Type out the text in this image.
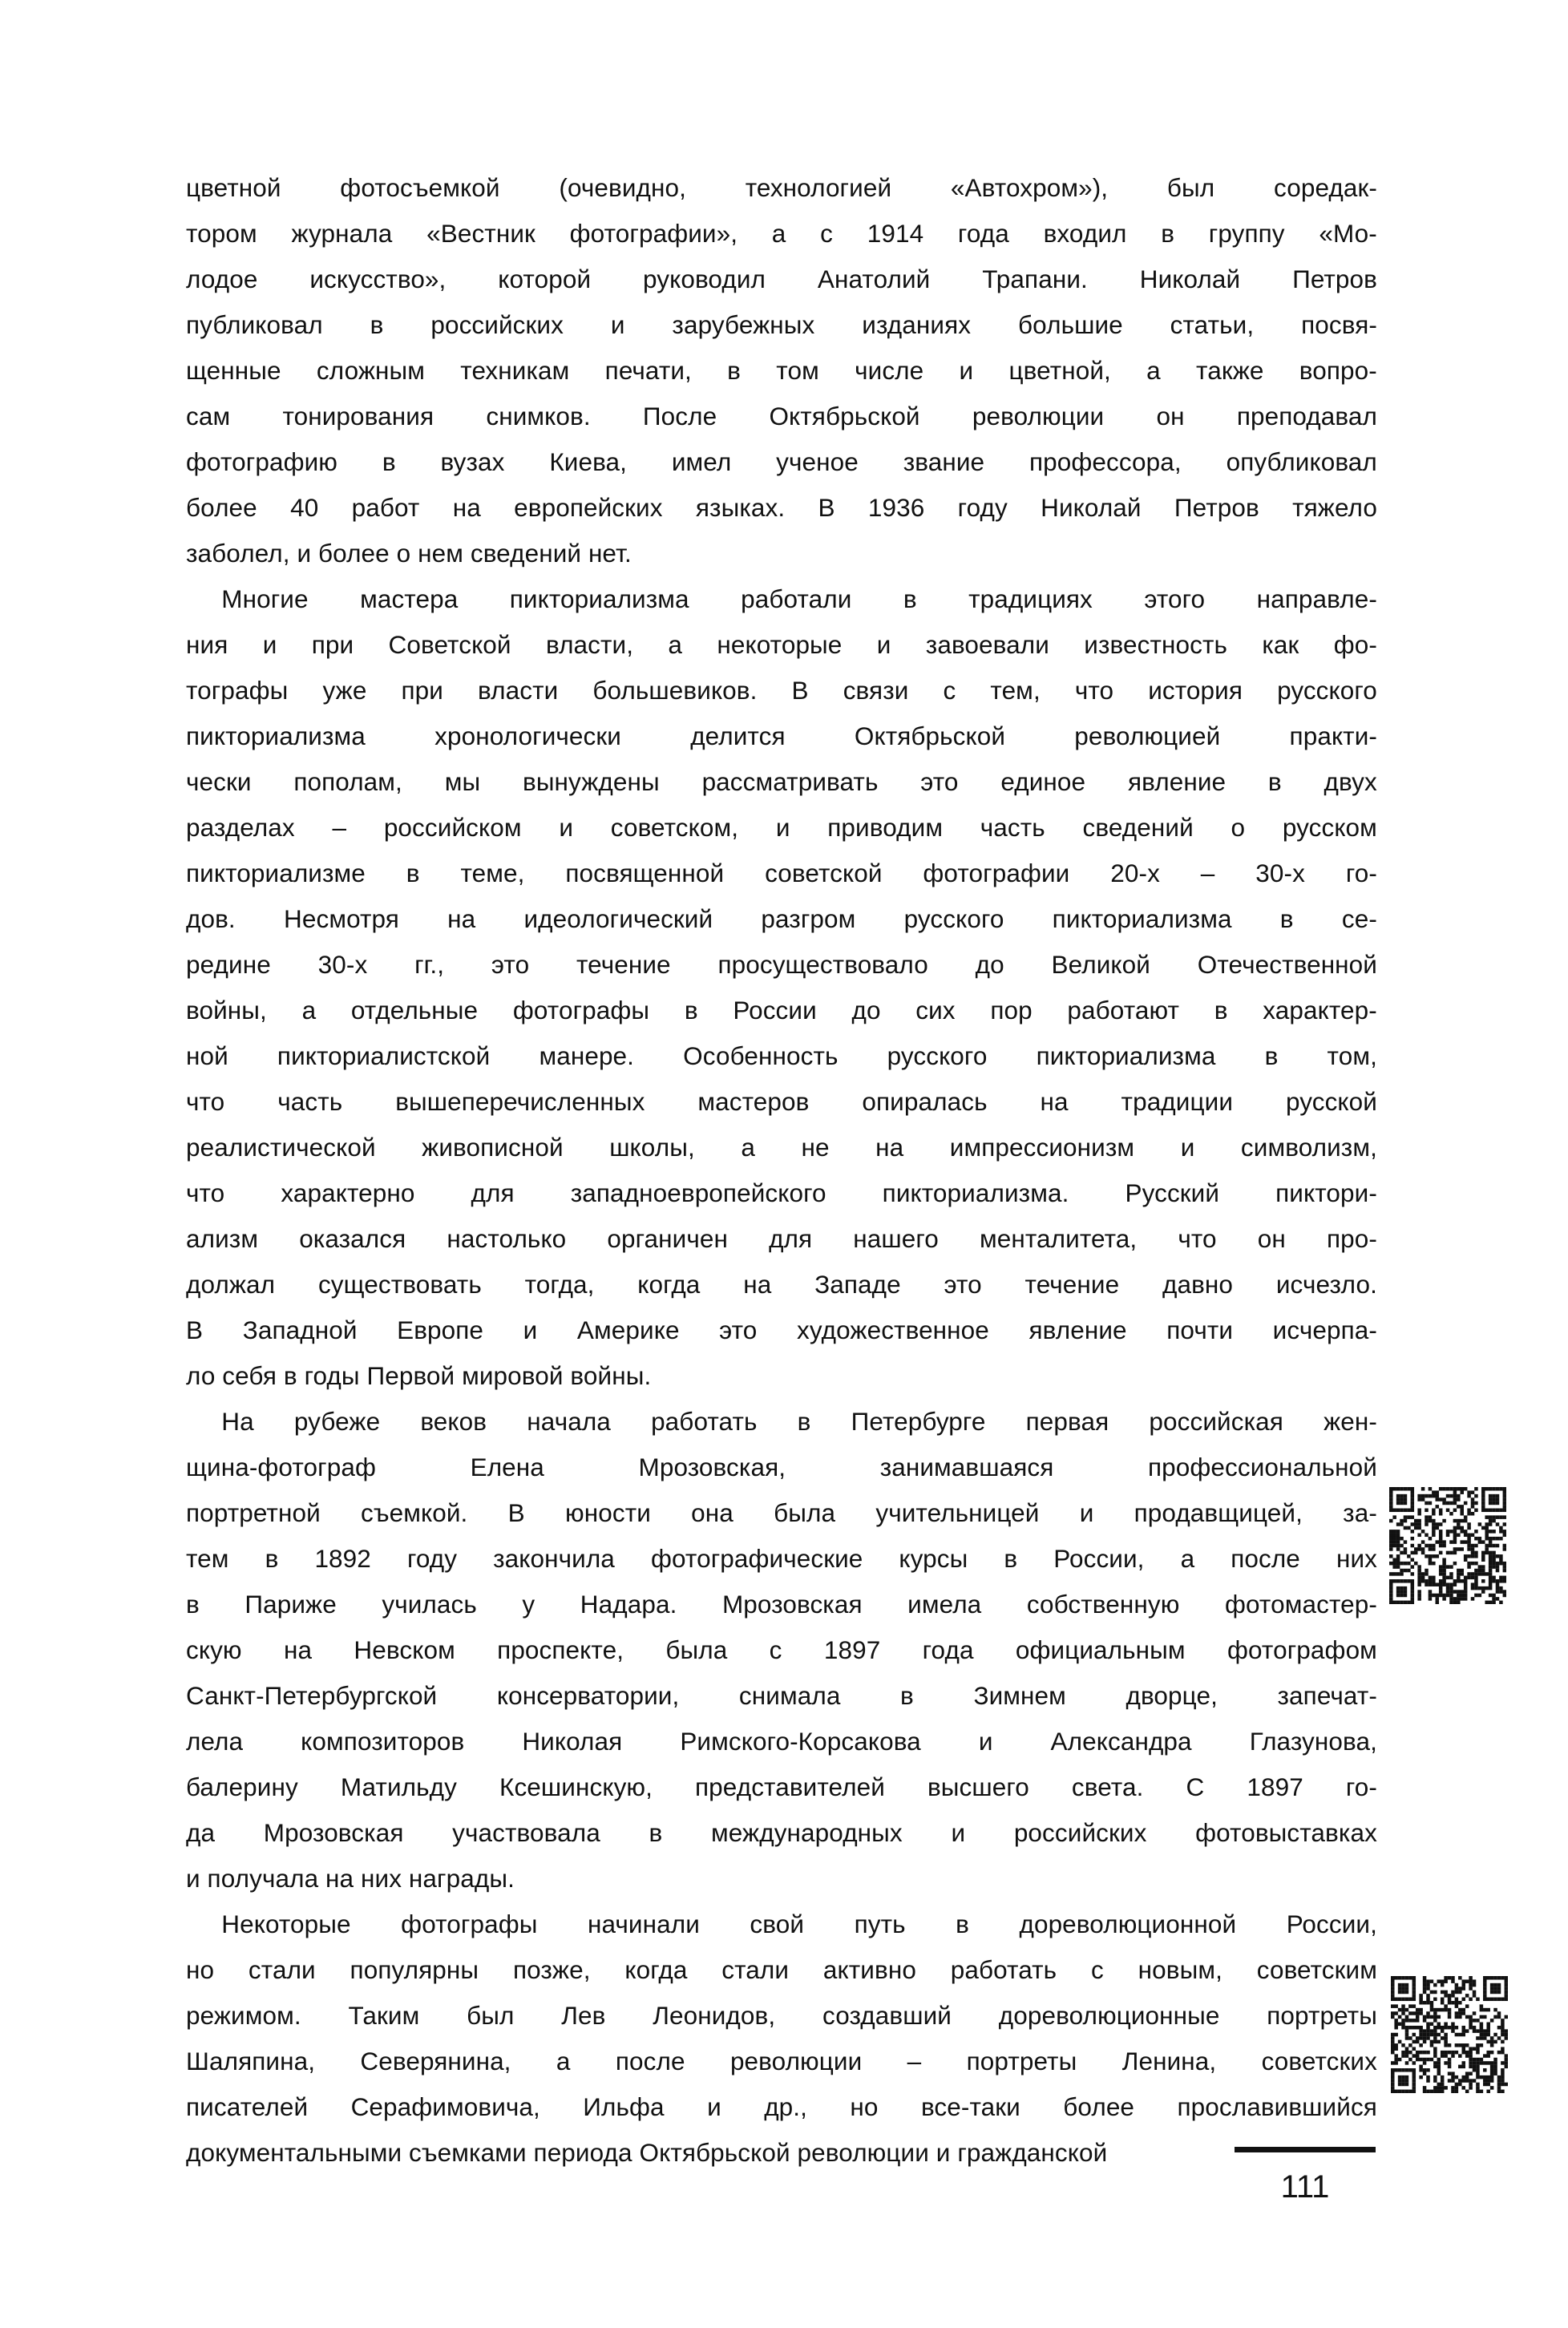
цветной фотосъемкой (очевидно, технологией «Автохром»), был соредак-
тором журнала «Вестник фотографии», а с 1914 года входил в группу «Мо-
лодое искусство», которой руководил Анатолий Трапани. Николай Петров
публиковал в российских и зарубежных изданиях большие статьи, посвя-
щенные сложным техникам печати, в том числе и цветной, а также вопро-
сам тонирования снимков. После Октябрьской революции он преподавал
фотографию в вузах Киева, имел ученое звание профессора, опубликовал
более 40 работ на европейских языках. В 1936 году Николай Петров тяжело
заболел, и более о нем сведений нет.

Многие мастера пикториализма работали в традициях этого направле-
ния и при Советской власти, а некоторые и завоевали известность как фо-
тографы уже при власти большевиков. В связи с тем, что история русского
пикториализма	хронологически	делится	Октябрьской	революцией	практи-
чески пополам, мы вынуждены рассматривать это единое явление в двух
разделах – российском и советском, и приводим часть сведений о русском
пикториализме в теме, посвященной советской фотографии 20-х – 30-х го-
дов. Несмотря на идеологический разгром русского пикториализма в се-
редине 30-х гг., это течение просуществовало до Великой Отечественной
войны, а отдельные фотографы в России до сих пор работают в характер-
ной пикториалистской манере. Особенность русского пикториализма в том,
что часть вышеперечисленных мастеров опиралась на традиции русской
реалистической живописной школы, а не на импрессионизм и символизм,
что характерно для западноевропейского пикториализма. Русский пиктори-
ализм оказался настолько органичен для нашего менталитета, что он про-
должал существовать тогда, когда на Западе это течение давно исчезло.
В Западной Европе и Америке это художественное явление почти исчерпа-
ло себя в годы Первой мировой войны.

На рубеже веков начала работать в Петербурге первая российская жен-
щина-фотограф	Елена	Мрозовская,	занимавшаяся	профессиональной
портретной съемкой. В юности она была учительницей и продавщицей, за-
тем в 1892 году закончила фотографические курсы в России, а после них
в Париже училась у Надара. Мрозовская имела собственную фотомастер-
скую на Невском проспекте, была с 1897 года официальным фотографом
Санкт-Петербургской консерватории, снимала в Зимнем дворце, запечат-
лела композиторов Николая Римского-Корсакова и Александра Глазунова,
балерину Матильду Ксешинскую, представителей высшего света. С 1897 го-
да Мрозовская участвовала в международных и российских фотовыставках
и получала на них награды.

Некоторые фотографы начинали свой путь в дореволюционной России,
но стали популярны позже, когда стали активно работать с новым, советским
режимом. Таким был Лев Леонидов, создавший дореволюционные портреты
Шаляпина, Северянина, а после революции – портреты Ленина, советских
писателей Серафимовича, Ильфа и др., но все-таки более прославившийся
документальными съемками периода Октябрьской революции и гражданской

111
